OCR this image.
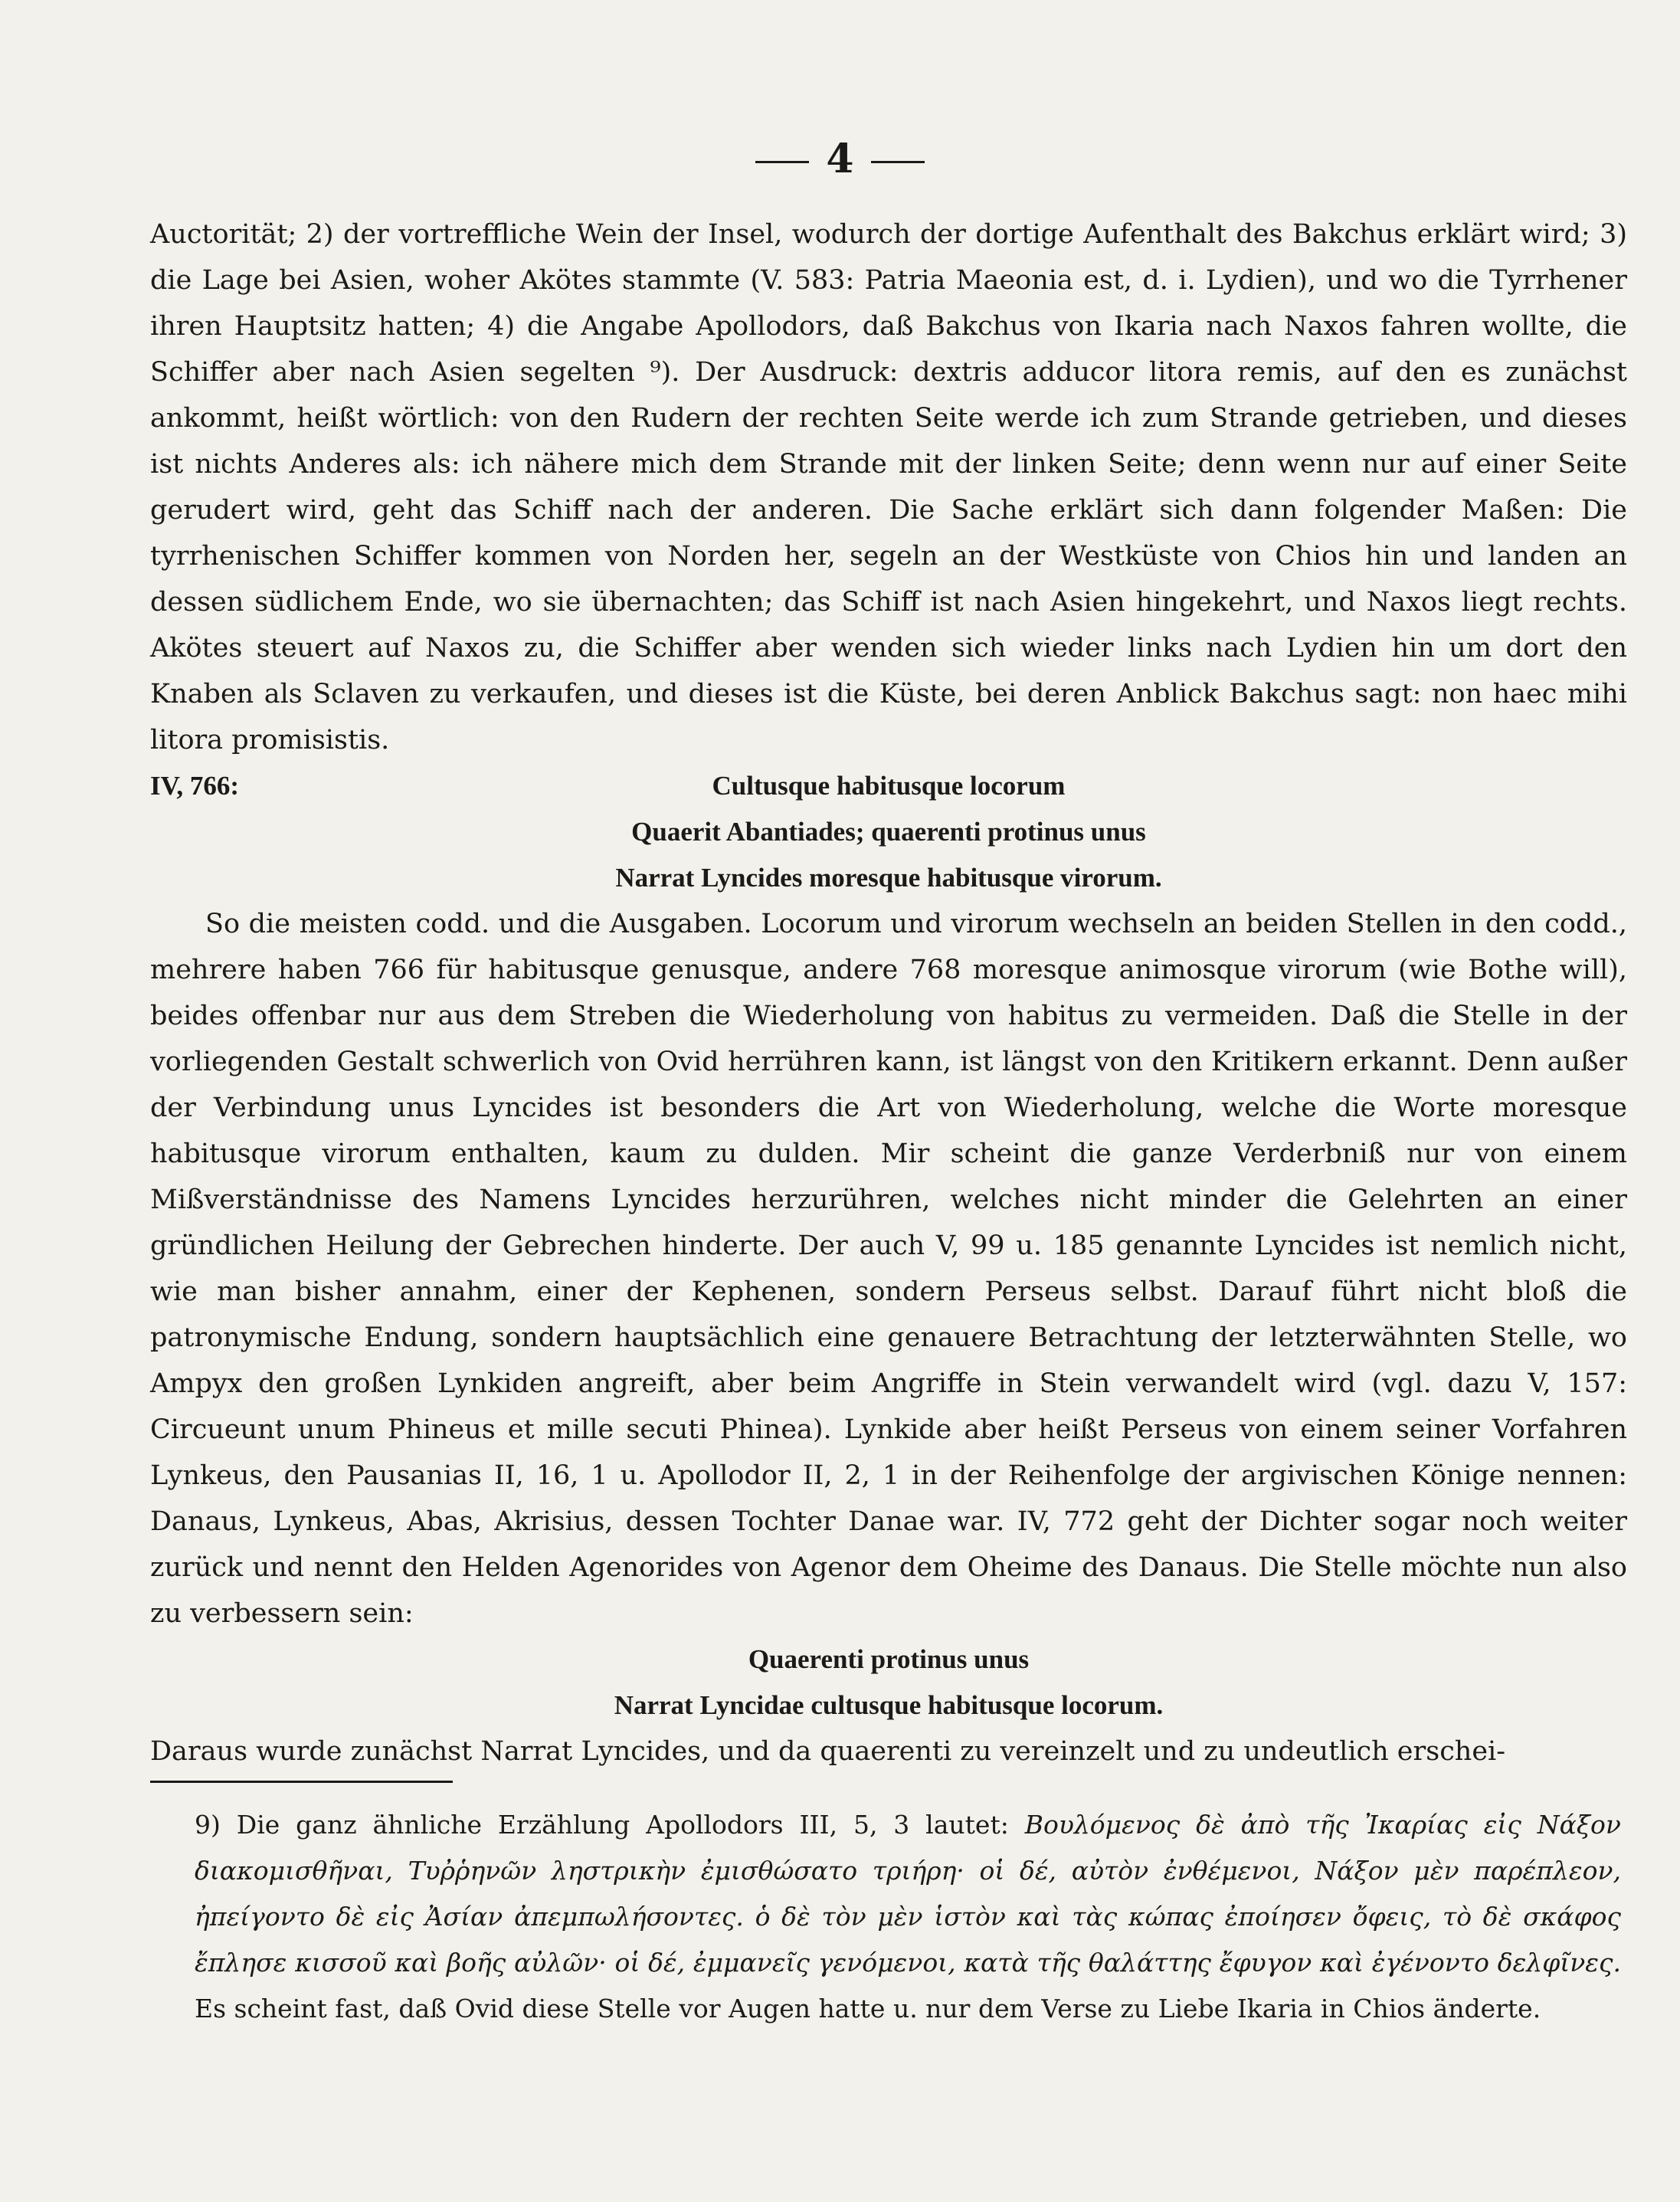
4

Auctorität; 2) der vortreffliche Wein der Insel, wodurch der dortige Aufenthalt des Bakchus erklärt wird; 3) die Lage bei Asien, woher Akötes stammte (V. 583: Patria Maeonia est, d. i. Lydien), und wo die Tyrrhener ihren Hauptsitz hatten; 4) die Angabe Apollodors, daß Bakchus von Ikaria nach Naxos fahren wollte, die Schiffer aber nach Asien segelten ⁹). Der Ausdruck: dextris adducor litora remis, auf den es zunächst ankommt, heißt wörtlich: von den Rudern der rechten Seite werde ich zum Strande getrieben, und dieses ist nichts Anderes als: ich nähere mich dem Strande mit der linken Seite; denn wenn nur auf einer Seite gerudert wird, geht das Schiff nach der anderen. Die Sache erklärt sich dann folgender Maßen: Die tyrrhenischen Schiffer kommen von Norden her, segeln an der Westküste von Chios hin und landen an dessen südlichem Ende, wo sie übernachten; das Schiff ist nach Asien hingekehrt, und Naxos liegt rechts. Akötes steuert auf Naxos zu, die Schiffer aber wenden sich wieder links nach Lydien hin um dort den Knaben als Sclaven zu verkaufen, und dieses ist die Küste, bei deren Anblick Bakchus sagt: non haec mihi litora promisistis.

IV, 766:	Cultusque habitusque locorum
Quaerit Abantiades; quaerenti protinus unus
Narrat Lyncides moresque habitusque virorum.

So die meisten codd. und die Ausgaben. Locorum und virorum wechseln an beiden Stellen in den codd., mehrere haben 766 für habitusque genusque, andere 768 moresque animosque virorum (wie Bothe will), beides offenbar nur aus dem Streben die Wiederholung von habitus zu vermeiden. Daß die Stelle in der vorliegenden Gestalt schwerlich von Ovid herrühren kann, ist längst von den Kritikern erkannt. Denn außer der Verbindung unus Lyncides ist besonders die Art von Wiederholung, welche die Worte moresque habitusque virorum enthalten, kaum zu dulden. Mir scheint die ganze Verderbniß nur von einem Mißverständnisse des Namens Lyncides herzurühren, welches nicht minder die Gelehrten an einer gründlichen Heilung der Gebrechen hinderte. Der auch V, 99 u. 185 genannte Lyncides ist nemlich nicht, wie man bisher annahm, einer der Kephenen, sondern Perseus selbst. Darauf führt nicht bloß die patronymische Endung, sondern hauptsächlich eine genauere Betrachtung der letzterwähnten Stelle, wo Ampyx den großen Lynkiden angreift, aber beim Angriffe in Stein verwandelt wird (vgl. dazu V, 157: Circueunt unum Phineus et mille secuti Phinea). Lynkide aber heißt Perseus von einem seiner Vorfahren Lynkeus, den Pausanias II, 16, 1 u. Apollodor II, 2, 1 in der Reihenfolge der argivischen Könige nennen: Danaus, Lynkeus, Abas, Akrisius, dessen Tochter Danae war. IV, 772 geht der Dichter sogar noch weiter zurück und nennt den Helden Agenorides von Agenor dem Oheime des Danaus. Die Stelle möchte nun also zu verbessern sein:

Quaerenti protinus unus
Narrat Lyncidae cultusque habitusque locorum.

Daraus wurde zunächst Narrat Lyncides, und da quaerenti zu vereinzelt und zu undeutlich erschei-

9) Die ganz ähnliche Erzählung Apollodors III, 5, 3 lautet: Βουλόμενος δὲ ἀπὸ τῆς Ἰκαρίας εἰς Νάξον διακομισθῆναι, Τυῤῥηνῶν ληστρικὴν ἐμισθώσατο τριήρη· οἱ δέ, αὐτὸν ἐνθέμενοι, Νάξον μὲν παρέπλεον, ἠπείγοντο δὲ εἰς Ἀσίαν ἀπεμπωλήσοντες. ὁ δὲ τὸν μὲν ἱστὸν καὶ τὰς κώπας ἐποίησεν ὄφεις, τὸ δὲ σκάφος ἔπλησε κισσοῦ καὶ βοῆς αὐλῶν· οἱ δέ, ἐμμανεῖς γενόμενοι, κατὰ τῆς θαλάττης ἔφυγον καὶ ἐγένοντο δελφῖνες. Es scheint fast, daß Ovid diese Stelle vor Augen hatte u. nur dem Verse zu Liebe Ikaria in Chios änderte.
